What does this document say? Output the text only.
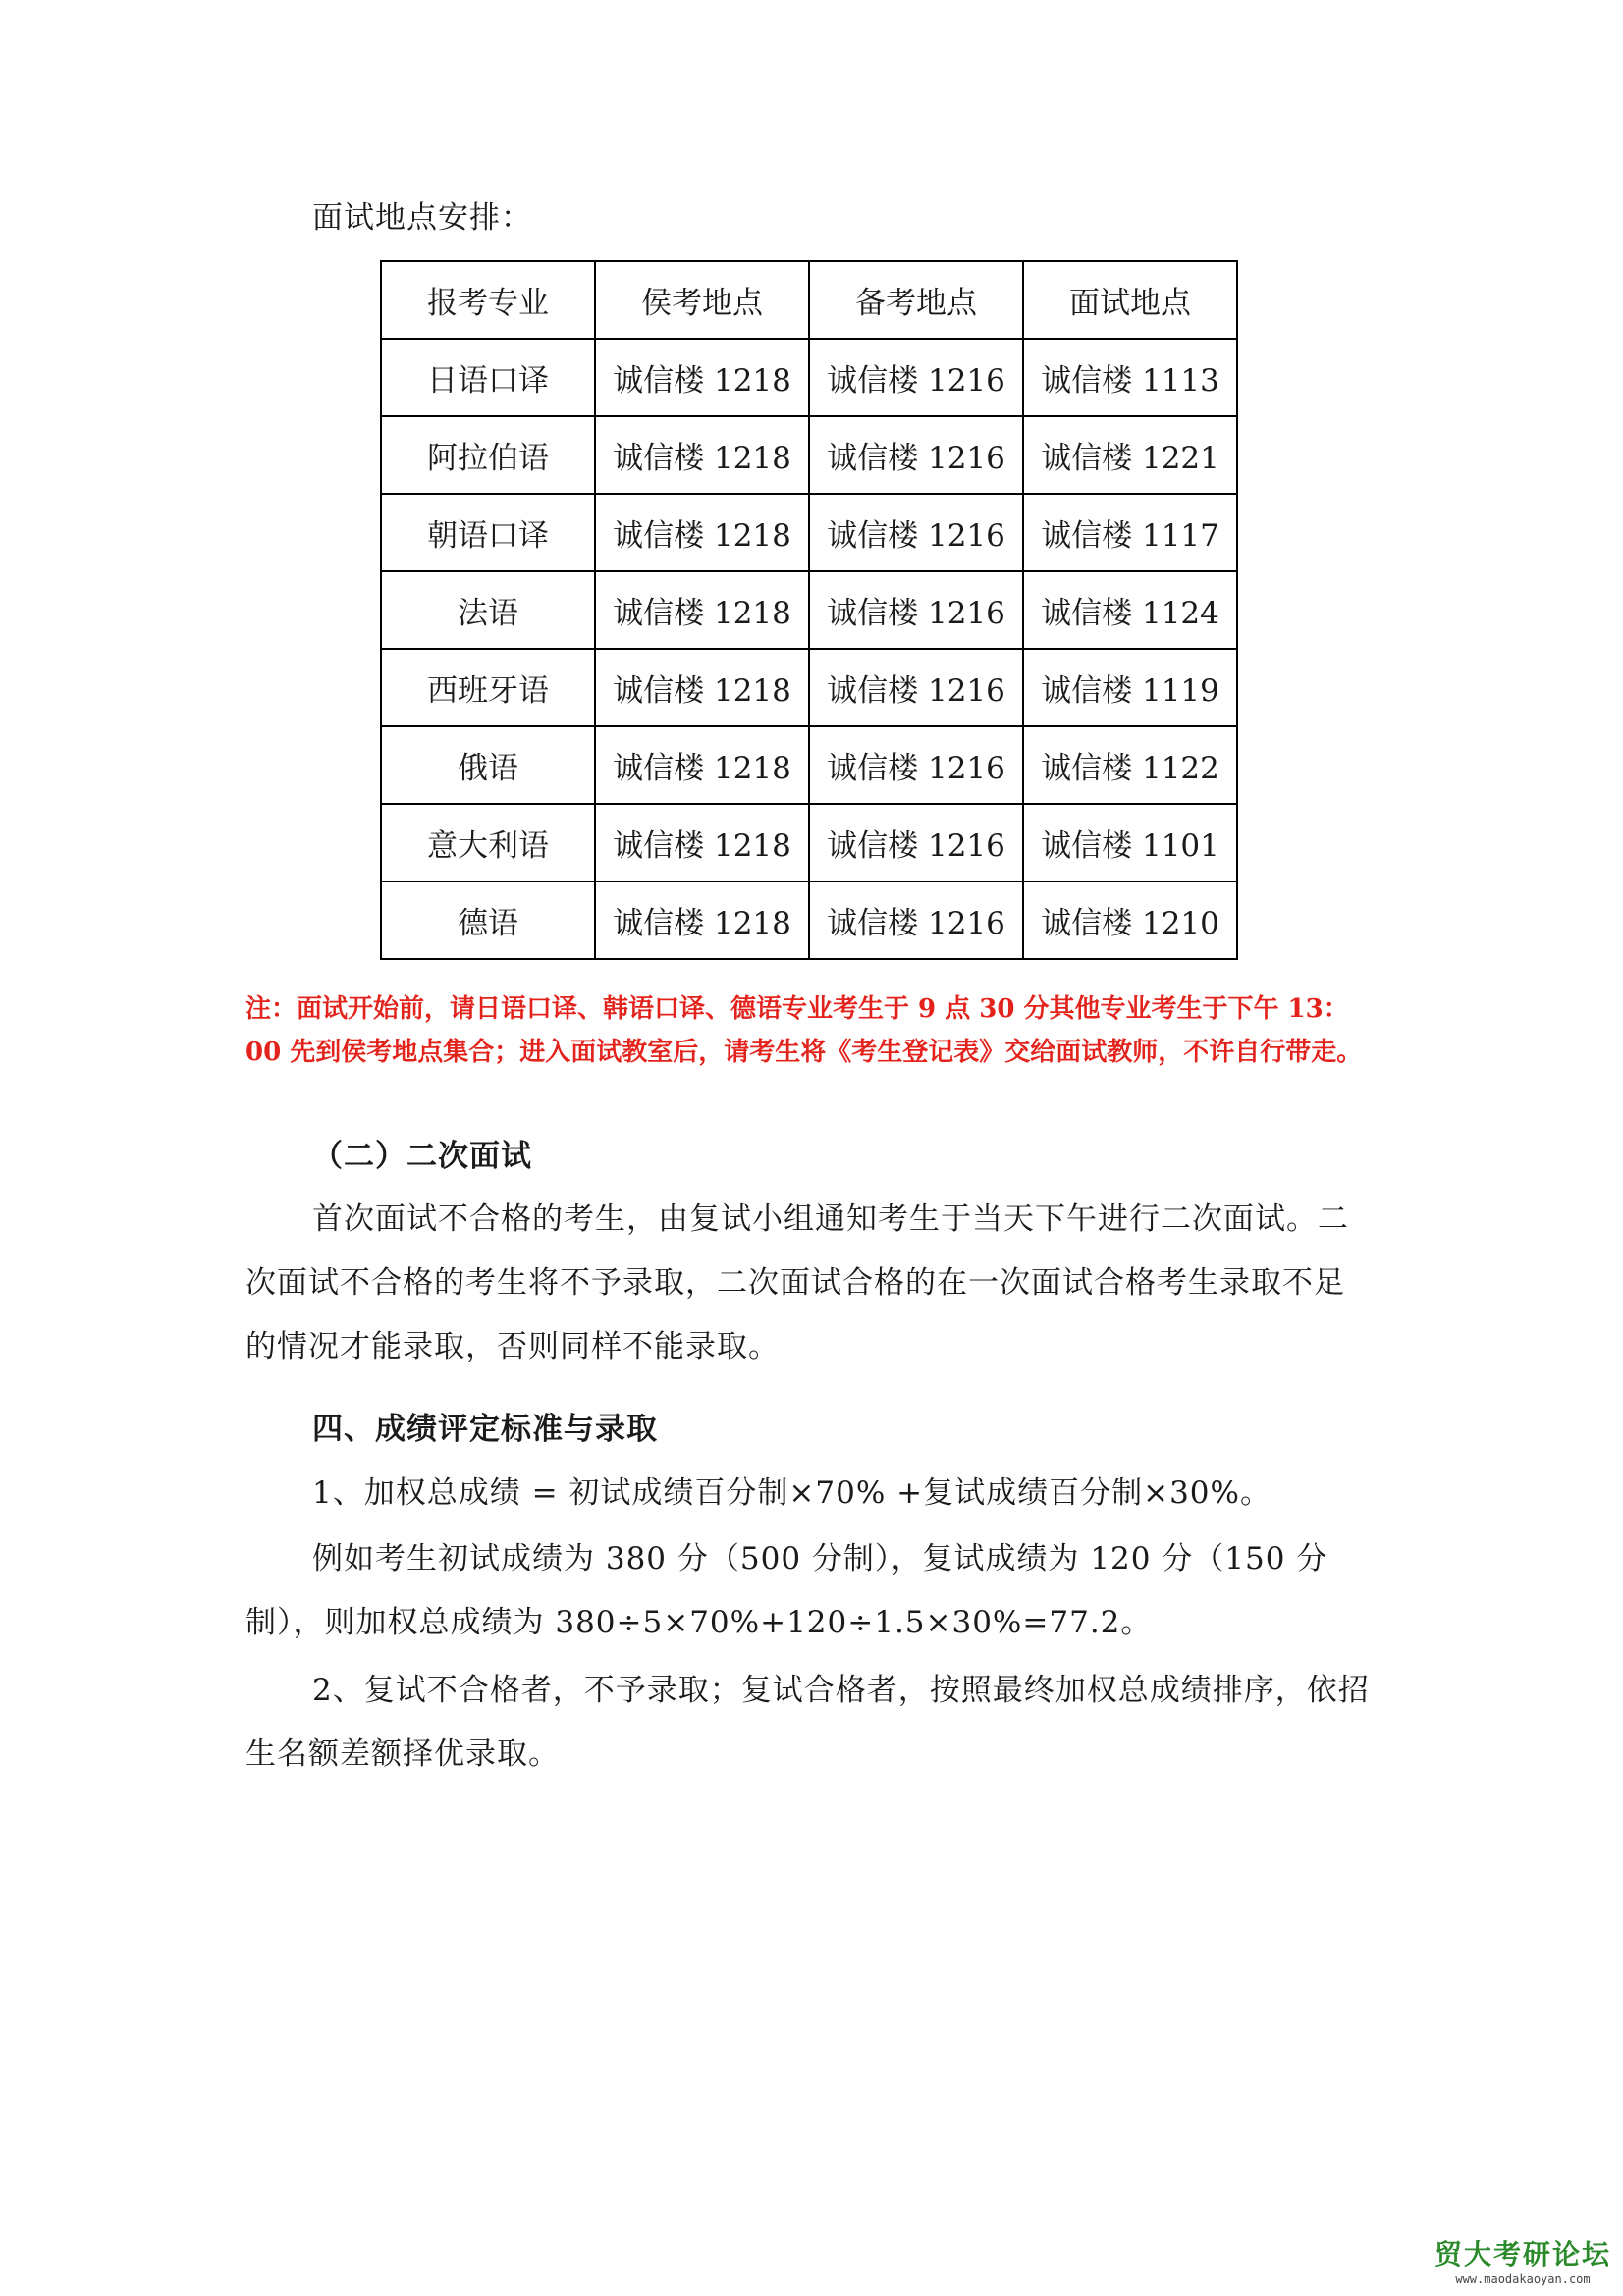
面试地点安排：
报考专业	侯考地点	备考地点	面试地点
日语口译	诚信楼 1218	诚信楼 1216	诚信楼 1113
阿拉伯语	诚信楼 1218	诚信楼 1216	诚信楼 1221
朝语口译	诚信楼 1218	诚信楼 1216	诚信楼 1117
法语	诚信楼 1218	诚信楼 1216	诚信楼 1124
西班牙语	诚信楼 1218	诚信楼 1216	诚信楼 1119
俄语	诚信楼 1218	诚信楼 1216	诚信楼 1122
意大利语	诚信楼 1218	诚信楼 1216	诚信楼 1101
德语	诚信楼 1218	诚信楼 1216	诚信楼 1210
注：面试开始前，请日语口译、韩语口译、德语专业考生于 9 点 30 分其他专业考生于下午 13：00 先到侯考地点集合；进入面试教室后，请考生将《考生登记表》交给面试教师，不许自行带走。
（二）二次面试
首次面试不合格的考生，由复试小组通知考生于当天下午进行二次面试。二次面试不合格的考生将不予录取，二次面试合格的在一次面试合格考生录取不足的情况才能录取，否则同样不能录取。
四、成绩评定标准与录取
1、加权总成绩 = 初试成绩百分制×70% +复试成绩百分制×30%。
例如考生初试成绩为 380 分（500 分制），复试成绩为 120 分（150 分制），则加权总成绩为 380÷5×70%+120÷1.5×30%=77.2。
2、复试不合格者，不予录取；复试合格者，按照最终加权总成绩排序，依招生名额差额择优录取。
贸大考研论坛
www.maodakaoyan.com
